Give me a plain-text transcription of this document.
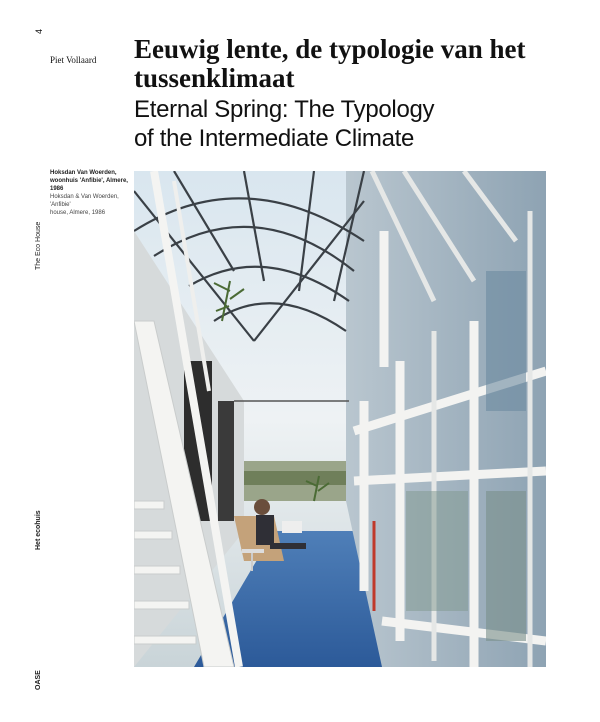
4
Piet Vollaard Eeuwig lente, de typologie van het tussenklimaat
Eternal Spring: The Typology
of the Intermediate Climate
Hoksdan Van Woerden,
woonhuis 'Anfibie', Almere, 1986
Hoksdan & Van Woerden, 'Anfibie'
house, Almere, 1986
The Eco House
Het ecohuis
OASE
